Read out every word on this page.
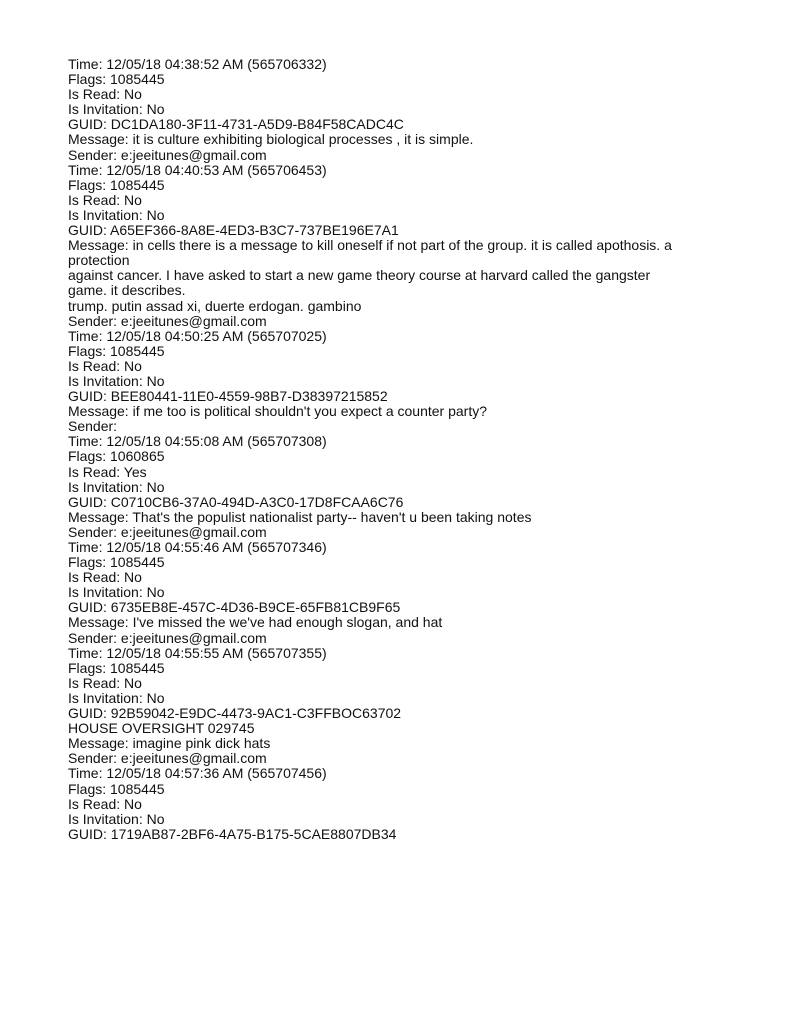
Time: 12/05/18 04:38:52 AM (565706332)
Flags: 1085445
Is Read: No
Is Invitation: No
GUID: DC1DA180-3F11-4731-A5D9-B84F58CADC4C
Message: it is culture exhibiting biological processes , it is simple.
Sender: e:jeeitunes@gmail.com
Time: 12/05/18 04:40:53 AM (565706453)
Flags: 1085445
Is Read: No
Is Invitation: No
GUID: A65EF366-8A8E-4ED3-B3C7-737BE196E7A1
Message: in cells there is a message to kill oneself if not part of the group. it is called apothosis. a
protection
against cancer. I have asked to start a new game theory course at harvard called the gangster
game. it describes.
trump. putin assad xi, duerte erdogan. gambino
Sender: e:jeeitunes@gmail.com
Time: 12/05/18 04:50:25 AM (565707025)
Flags: 1085445
Is Read: No
Is Invitation: No
GUID: BEE80441-11E0-4559-98B7-D38397215852
Message: if me too is political shouldn't you expect a counter party?
Sender:
Time: 12/05/18 04:55:08 AM (565707308)
Flags: 1060865
Is Read: Yes
Is Invitation: No
GUID: C0710CB6-37A0-494D-A3C0-17D8FCAA6C76
Message: That's the populist nationalist party-- haven't u been taking notes
Sender: e:jeeitunes@gmail.com
Time: 12/05/18 04:55:46 AM (565707346)
Flags: 1085445
Is Read: No
Is Invitation: No
GUID: 6735EB8E-457C-4D36-B9CE-65FB81CB9F65
Message: I've missed the we've had enough slogan, and hat
Sender: e:jeeitunes@gmail.com
Time: 12/05/18 04:55:55 AM (565707355)
Flags: 1085445
Is Read: No
Is Invitation: No
GUID: 92B59042-E9DC-4473-9AC1-C3FFBOC63702
HOUSE OVERSIGHT 029745
Message: imagine pink dick hats
Sender: e:jeeitunes@gmail.com
Time: 12/05/18 04:57:36 AM (565707456)
Flags: 1085445
Is Read: No
Is Invitation: No
GUID: 1719AB87-2BF6-4A75-B175-5CAE8807DB34
